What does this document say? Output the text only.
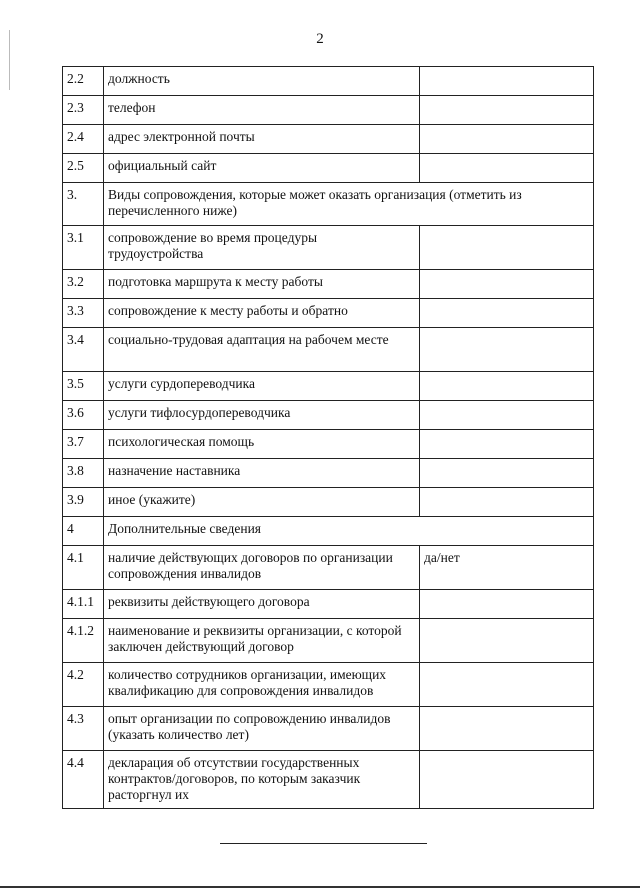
2
2.2	должность	
2.3	телефон	
2.4	адрес электронной почты	
2.5	официальный сайт	
3.	Виды сопровождения, которые может оказать организация (отметить из перечисленного ниже)	
3.1	сопровождение во время процедуры трудоустройства	
3.2	подготовка маршрута к месту работы	
3.3	сопровождение к месту работы и обратно	
3.4	социально-трудовая адаптация на рабочем месте	
3.5	услуги сурдопереводчика	
3.6	услуги тифлосурдопереводчика	
3.7	психологическая помощь	
3.8	назначение наставника	
3.9	иное (укажите)	
4	Дополнительные сведения	
4.1	наличие действующих договоров по организации сопровождения инвалидов	да/нет
4.1.1	реквизиты действующего договора	
4.1.2	наименование и реквизиты организации, с которой заключен действующий договор	
4.2	количество сотрудников организации, имеющих квалификацию для сопровождения инвалидов	
4.3	опыт организации по сопровождению инвалидов (указать количество лет)	
4.4	декларация об отсутствии государственных контрактов/договоров, по которым заказчик расторгнул их	
